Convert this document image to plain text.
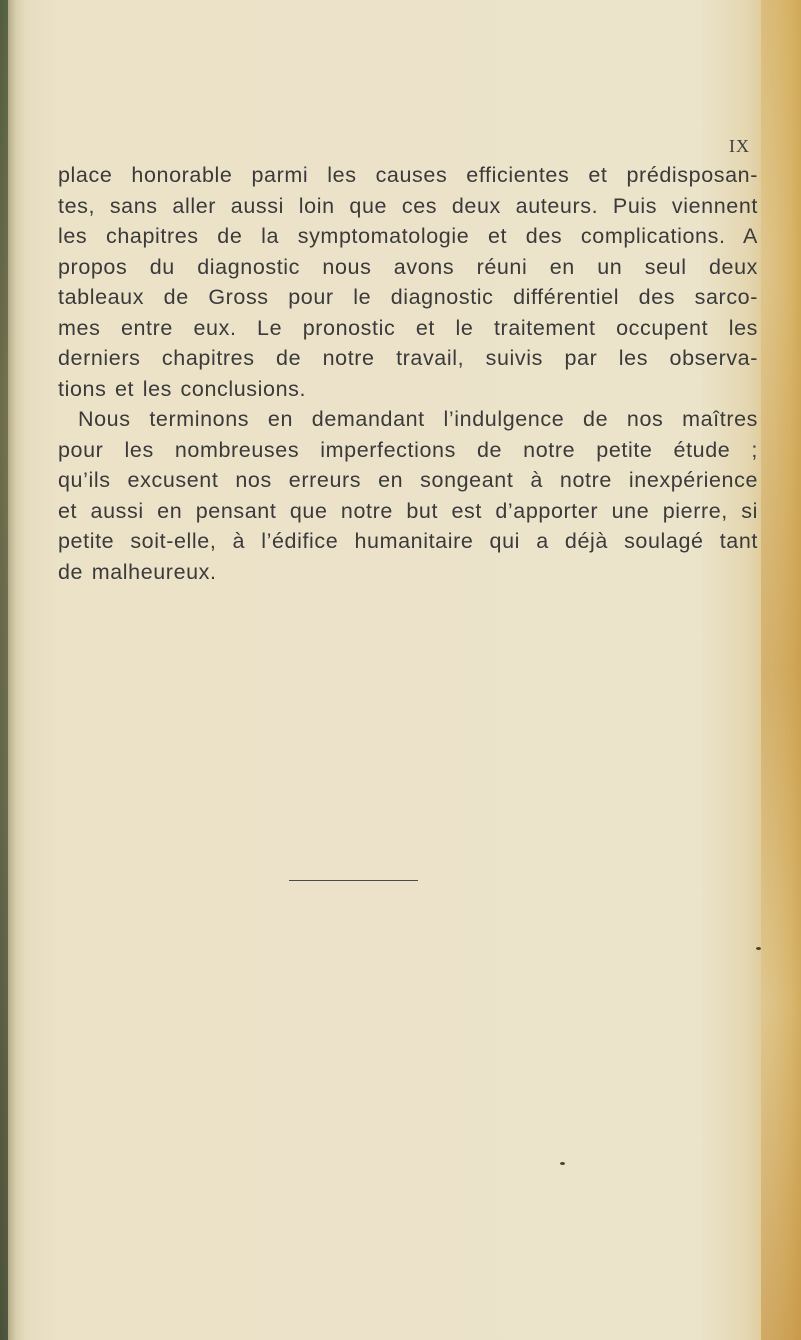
IX
place honorable parmi les causes efficientes et prédisposan-
tes, sans aller aussi loin que ces deux auteurs. Puis viennent
les chapitres de la symptomatologie et des complications. A
propos du diagnostic nous avons réuni en un seul deux
tableaux de Gross pour le diagnostic différentiel des sarco-
mes entre eux. Le pronostic et le traitement occupent les
derniers chapitres de notre travail, suivis par les observa-
tions et les conclusions.
Nous terminons en demandant l’indulgence de nos maîtres
pour les nombreuses imperfections de notre petite étude ;
qu’ils excusent nos erreurs en songeant à notre inexpérience
et aussi en pensant que notre but est d’apporter une pierre, si
petite soit-elle, à l’édifice humanitaire qui a déjà soulagé tant
de malheureux.
